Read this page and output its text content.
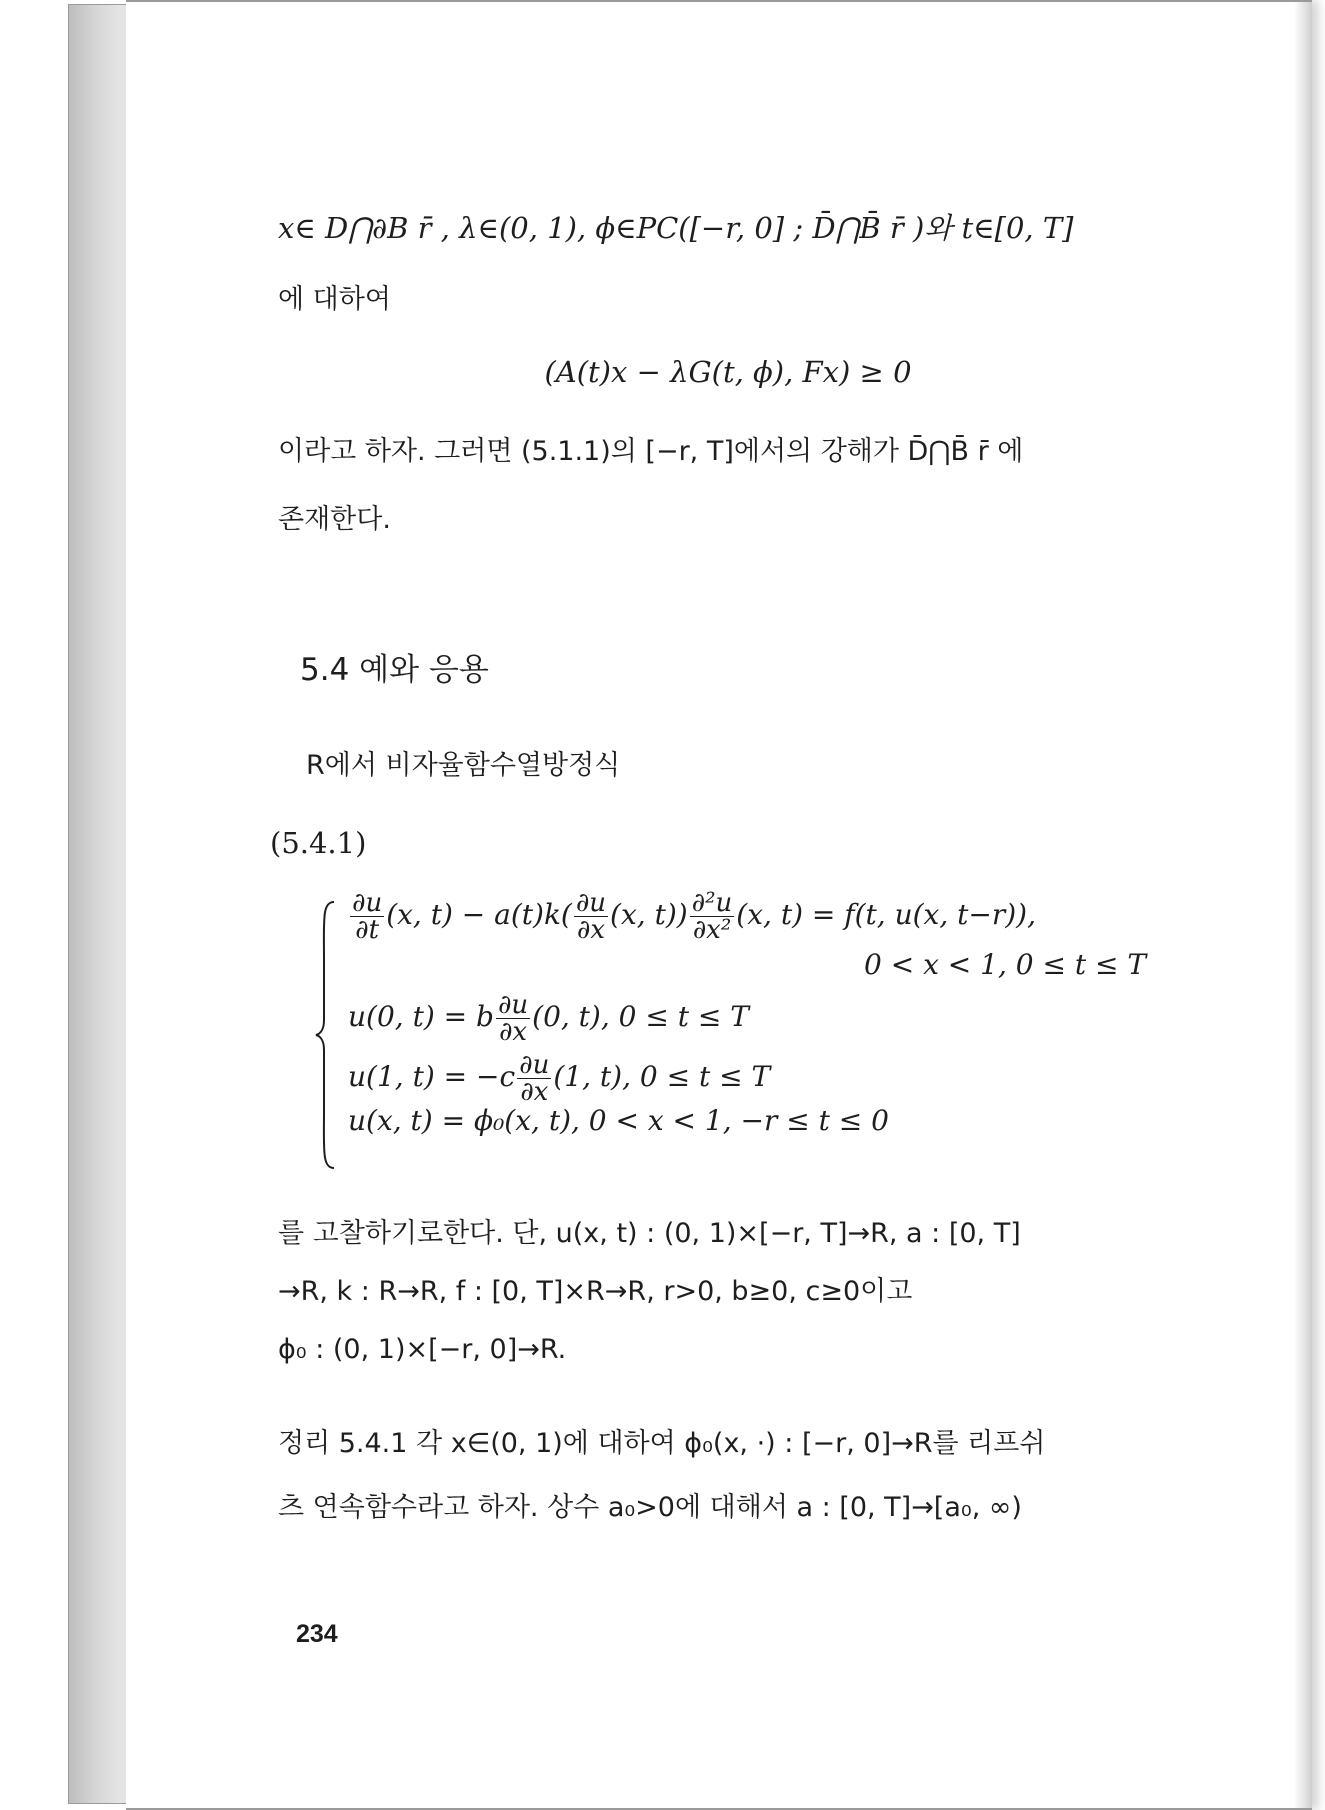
x∈ D⋂∂B r̄ , λ∈(0, 1), ϕ∈PC([−r, 0] ; D̄⋂B̄ r̄ )와 t∈[0, T]
에 대하여
(A(t)x − λG(t, ϕ), Fx) ≥ 0
이라고 하자. 그러면 (5.1.1)의 [−r, T]에서의 강해가 D̄⋂B̄ r̄ 에
존재한다.
5.4 예와 응용
R에서 비자율함수열방정식
(5.4.1)
$\frac{\partial u}{\partial t} (x$, $t) - a(t)k( \frac{\partial u}{\partial x} (x$, $t)) \frac{\text{∂²u}}{\text{∂x²}} (x$, t) = f(t, u(x, t−r)),
0 < x < 1, 0 ≤ t ≤ T
u(0, t) = b $\frac{\partial u}{\partial x} (0$, t), 0 ≤ t ≤ T
u(1, $t) = -c \frac{\partial u}{\partial x} (1$, t), 0 ≤ t ≤ T
u(x, t) = ϕ₀(x, t), 0 < x < 1, −r ≤ t ≤ 0
를 고찰하기로한다. 단, u(x, t) : (0, 1)×[−r, T]→R, a : [0, T]
→R, k : R→R, f : [0, T]×R→R, r>0, b≥0, c≥0이고
ϕ₀ : (0, 1)×[−r, 0]→R.
정리 5.4.1 각 x∈(0, 1)에 대하여 ϕ₀(x, ·) : [−r, 0]→R를 리프쉬
츠 연속함수라고 하자. 상수 a₀>0에 대해서 a : [0, T]→[a₀, ∞)
234
